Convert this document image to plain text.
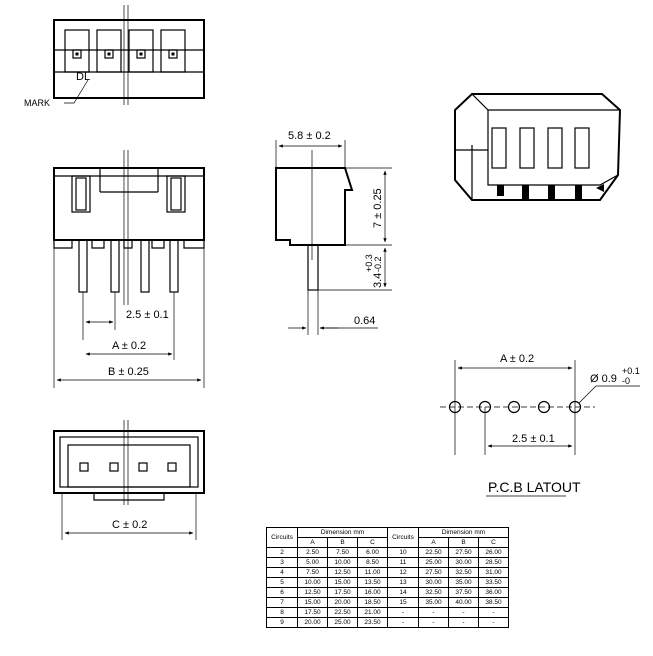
DL
MARK
2.5 ± 0.1
A ± 0.2
B ± 0.25
5.8 ± 0.2
7 ± 0.25
3.4
+0.3 -0.2
0.64
C ± 0.2
A ± 0.2
2.5 ± 0.1
Ø 0.9
+0.1
-0
P.C.B LATOUT
Circuits	Dimension mm			Circuits	Dimension mm		
	A	B	C		A	B	C
2	2.50	7.50	6.00	10	22.50	27.50	26.00
3	5.00	10.00	8.50	11	25.00	30.00	28.50
4	7.50	12.50	11.00	12	27.50	32.50	31.00
5	10.00	15.00	13.50	13	30.00	35.00	33.50
6	12.50	17.50	16.00	14	32.50	37.50	36.00
7	15.00	20.00	18.50	15	35.00	40.00	38.50
8	17.50	22.50	21.00	-	-	-	-
9	20.00	25.00	23.50	-	-	-	-
